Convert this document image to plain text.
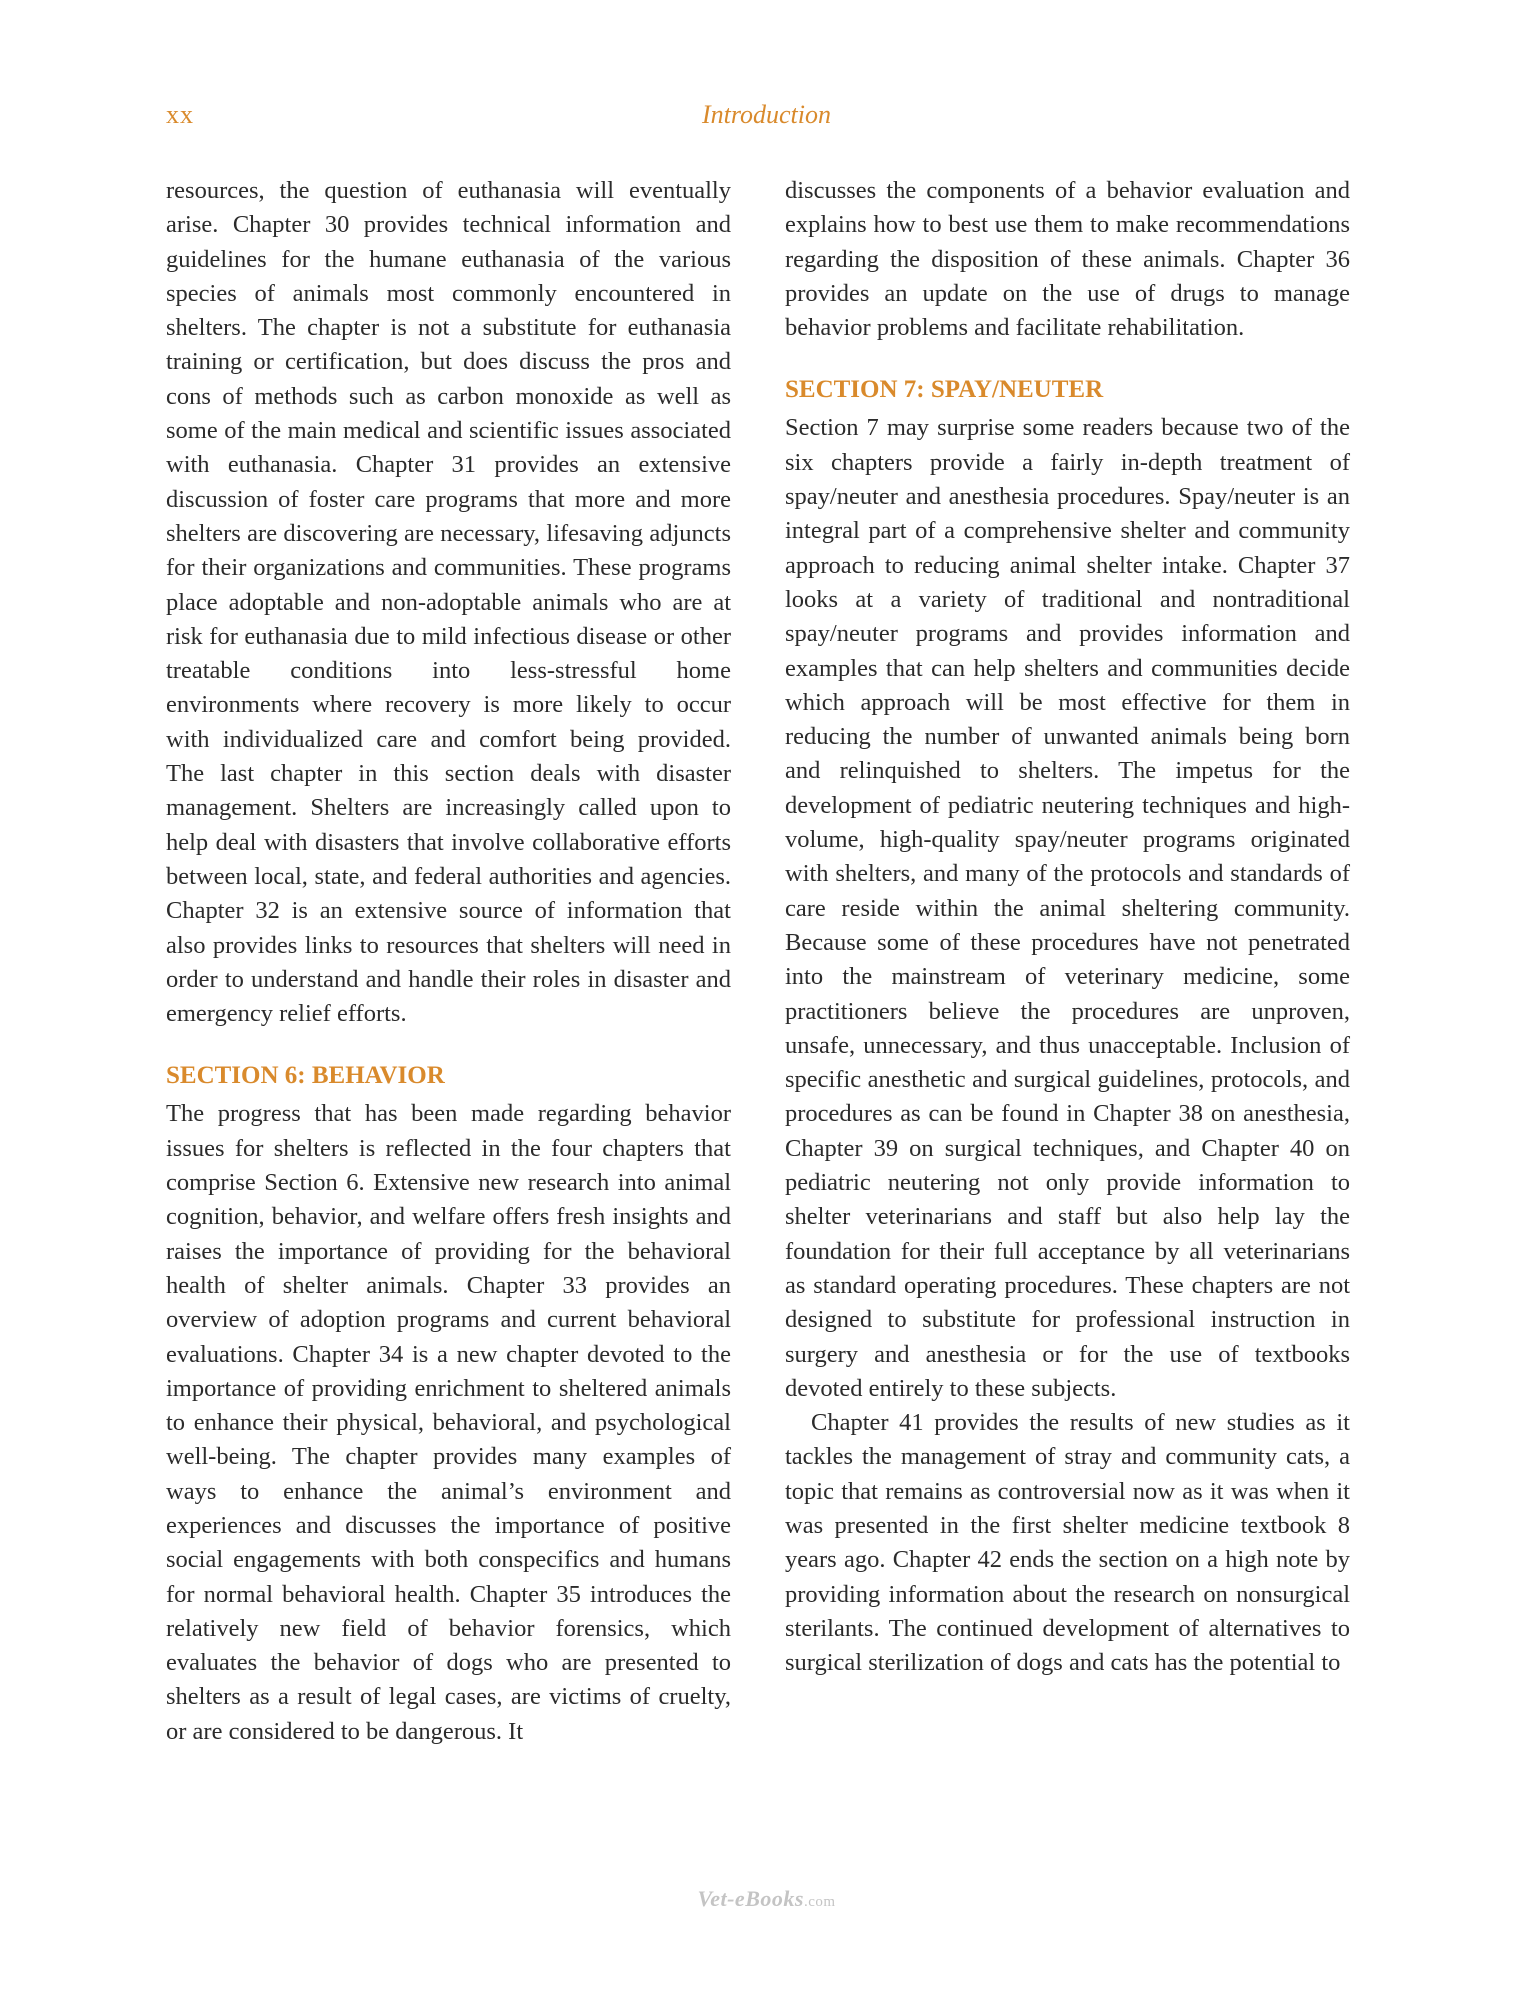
xx	Introduction

resources, the question of euthanasia will eventually arise. Chapter 30 provides technical information and guidelines for the humane euthanasia of the various species of animals most commonly encountered in shelters. The chapter is not a substitute for euthanasia training or certification, but does discuss the pros and cons of methods such as carbon monoxide as well as some of the main medical and scientific issues associated with euthanasia. Chapter 31 provides an extensive discussion of foster care programs that more and more shelters are discovering are necessary, lifesaving adjuncts for their organizations and communities. These programs place adoptable and non-adoptable animals who are at risk for euthanasia due to mild infectious disease or other treatable conditions into less-stressful home environments where recovery is more likely to occur with individualized care and comfort being provided. The last chapter in this section deals with disaster management. Shelters are increasingly called upon to help deal with disasters that involve collaborative efforts between local, state, and federal authorities and agencies. Chapter 32 is an extensive source of information that also provides links to resources that shelters will need in order to understand and handle their roles in disaster and emergency relief efforts.

SECTION 6: BEHAVIOR

The progress that has been made regarding behavior issues for shelters is reflected in the four chapters that comprise Section 6. Extensive new research into animal cognition, behavior, and welfare offers fresh insights and raises the importance of providing for the behavioral health of shelter animals. Chapter 33 provides an overview of adoption programs and current behavioral evaluations. Chapter 34 is a new chapter devoted to the importance of providing enrichment to sheltered animals to enhance their physical, behavioral, and psychological well-being. The chapter provides many examples of ways to enhance the animal’s environment and experiences and discusses the importance of positive social engagements with both conspecifics and humans for normal behavioral health. Chapter 35 introduces the relatively new field of behavior forensics, which evaluates the behavior of dogs who are presented to shelters as a result of legal cases, are victims of cruelty, or are considered to be dangerous. It

discusses the components of a behavior evaluation and explains how to best use them to make recommendations regarding the disposition of these animals. Chapter 36 provides an update on the use of drugs to manage behavior problems and facilitate rehabilitation.

SECTION 7: SPAY/NEUTER

Section 7 may surprise some readers because two of the six chapters provide a fairly in-depth treatment of spay/neuter and anesthesia procedures. Spay/neuter is an integral part of a comprehensive shelter and community approach to reducing animal shelter intake. Chapter 37 looks at a variety of traditional and nontraditional spay/neuter programs and provides information and examples that can help shelters and communities decide which approach will be most effective for them in reducing the number of unwanted animals being born and relinquished to shelters. The impetus for the development of pediatric neutering techniques and high-volume, high-quality spay/neuter programs originated with shelters, and many of the protocols and standards of care reside within the animal sheltering community. Because some of these procedures have not penetrated into the mainstream of veterinary medicine, some practitioners believe the procedures are unproven, unsafe, unnecessary, and thus unacceptable. Inclusion of specific anesthetic and surgical guidelines, protocols, and procedures as can be found in Chapter 38 on anesthesia, Chapter 39 on surgical techniques, and Chapter 40 on pediatric neutering not only provide information to shelter veterinarians and staff but also help lay the foundation for their full acceptance by all veterinarians as standard operating procedures. These chapters are not designed to substitute for professional instruction in surgery and anesthesia or for the use of textbooks devoted entirely to these subjects.

Chapter 41 provides the results of new studies as it tackles the management of stray and community cats, a topic that remains as controversial now as it was when it was presented in the first shelter medicine textbook 8 years ago. Chapter 42 ends the section on a high note by providing information about the research on nonsurgical sterilants. The continued development of alternatives to surgical sterilization of dogs and cats has the potential to

Vet-eBooks.com
